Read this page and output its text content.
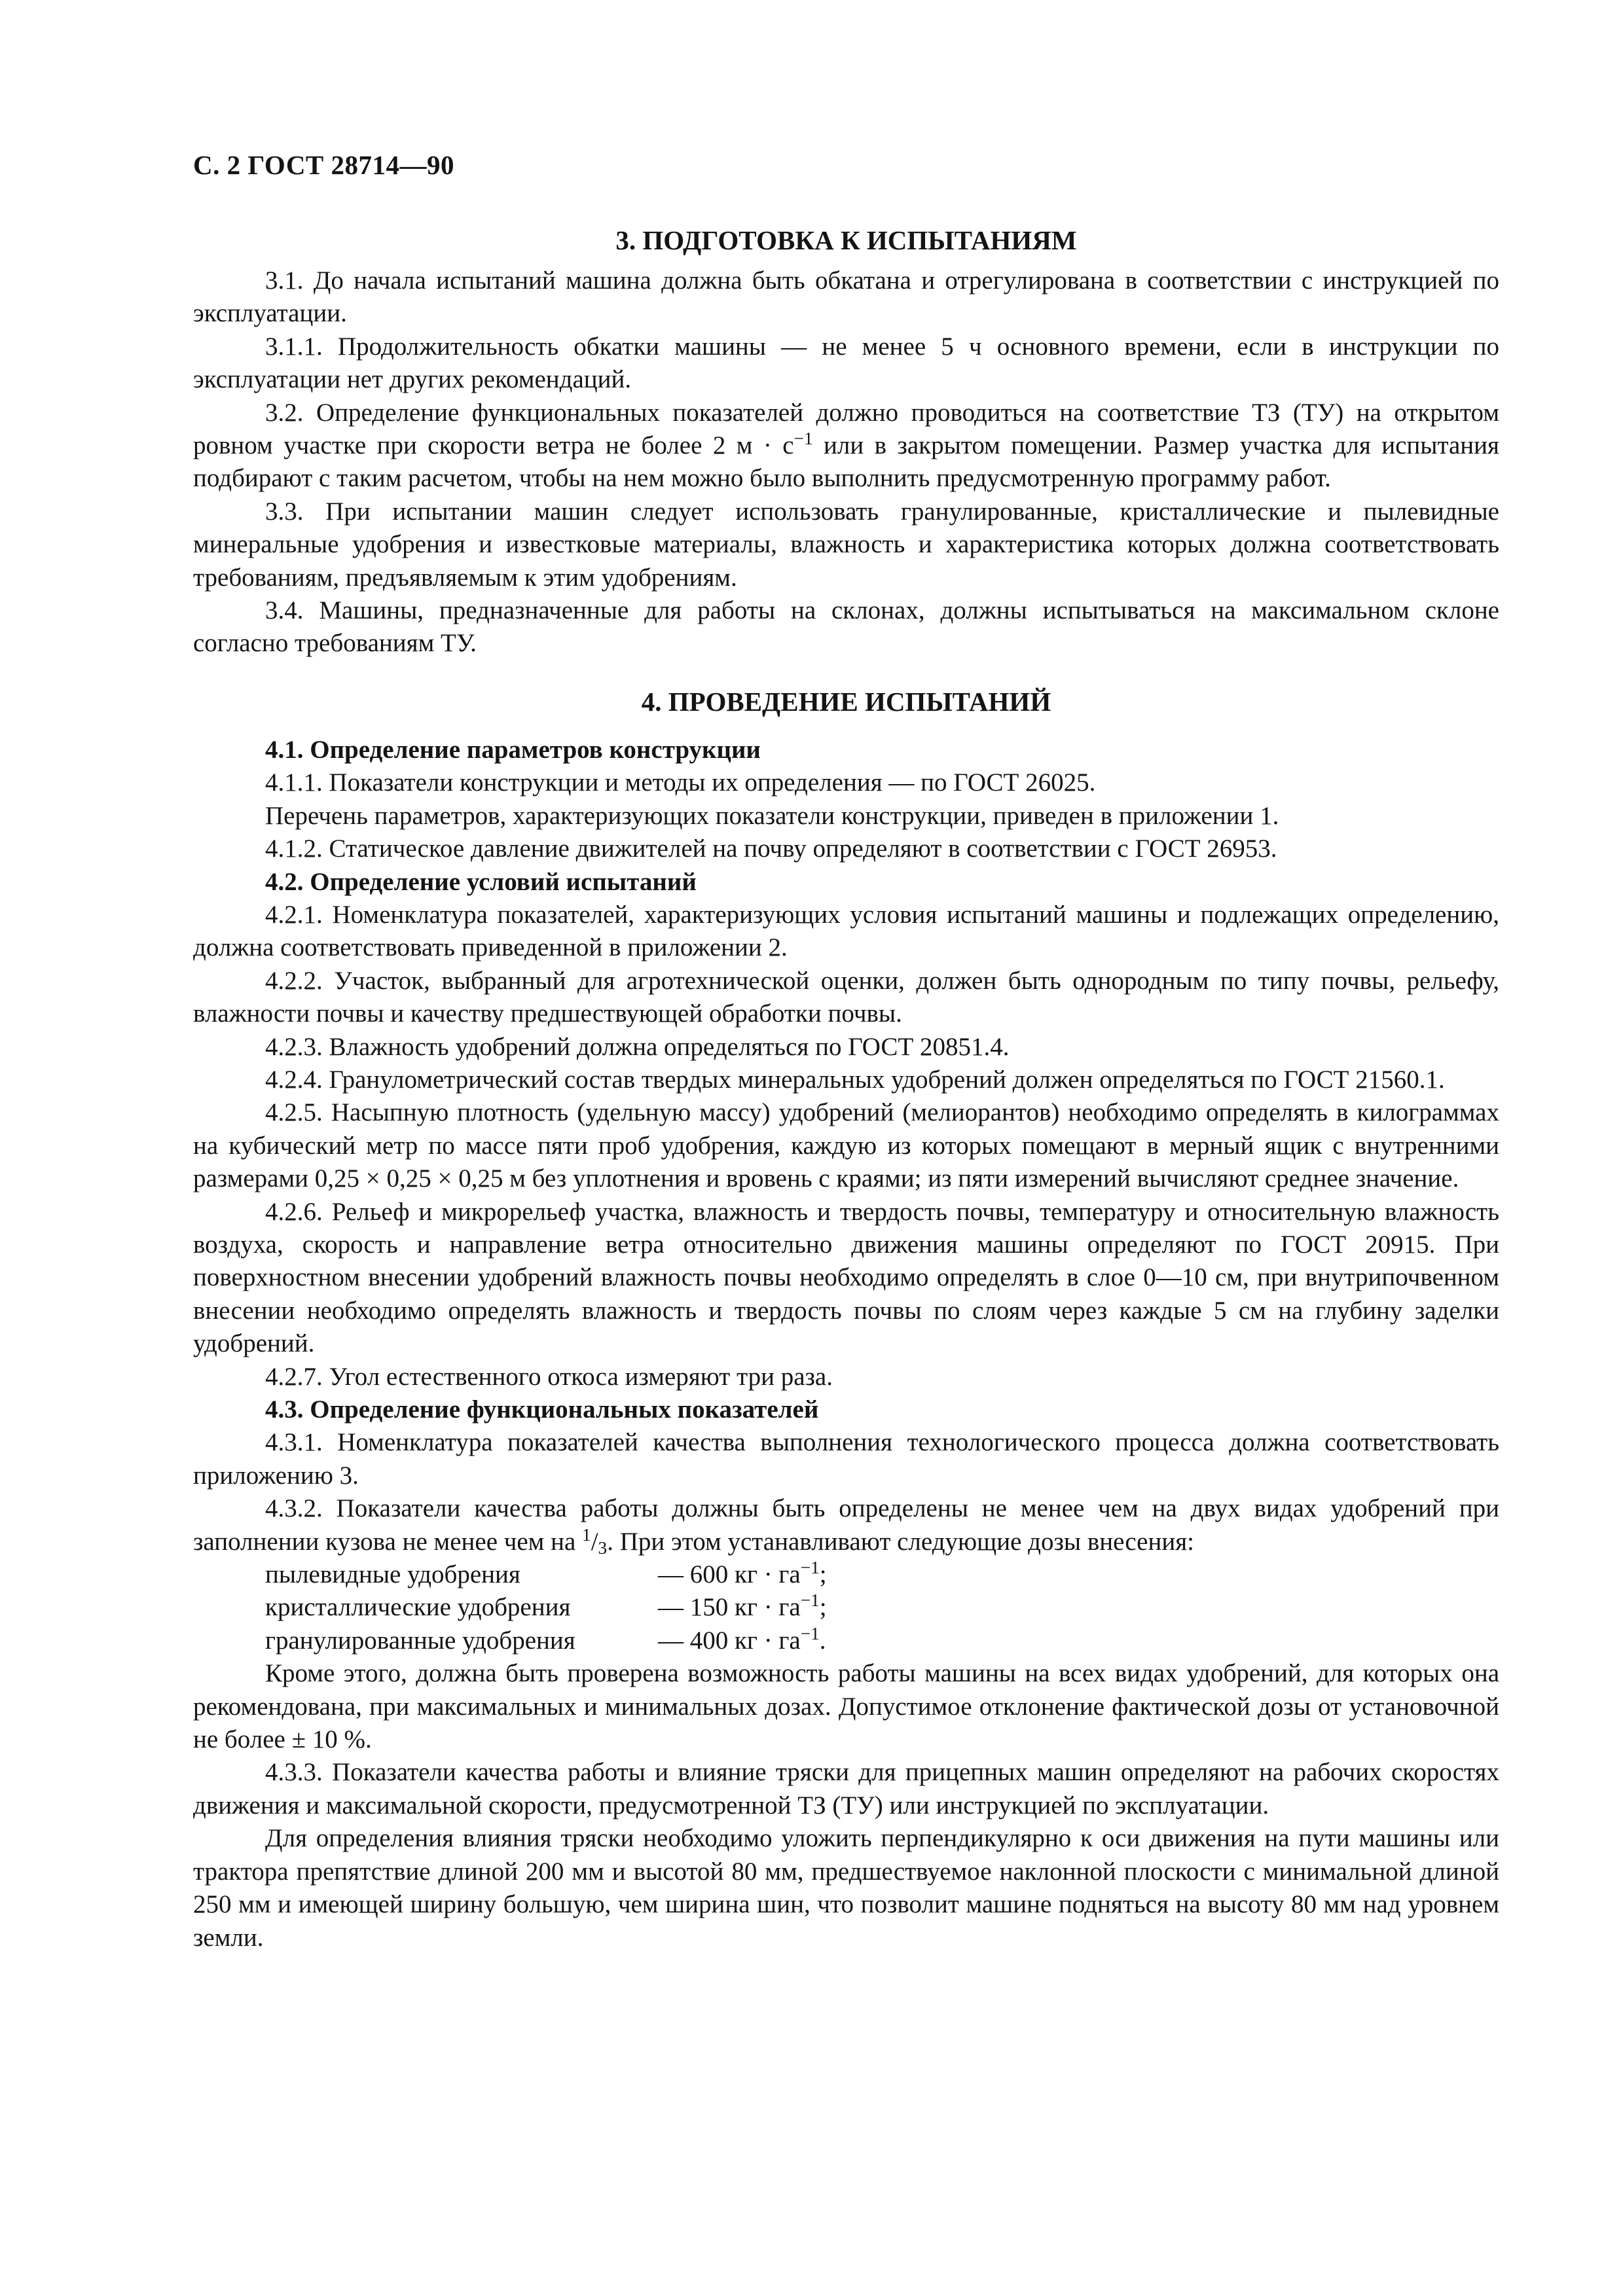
С. 2 ГОСТ 28714—90
3. ПОДГОТОВКА К ИСПЫТАНИЯМ

3.1. До начала испытаний машина должна быть обкатана и отрегулирована в соответствии с инструкцией по эксплуатации.

3.1.1. Продолжительность обкатки машины — не менее 5 ч основного времени, если в инструкции по эксплуатации нет других рекомендаций.

3.2. Определение функциональных показателей должно проводиться на соответствие ТЗ (ТУ) на открытом ровном участке при скорости ветра не более 2 $м \cdot с^{-1}$ или в закрытом помещении. Размер участка для испытания подбирают с таким расчетом, чтобы на нем можно было выполнить предусмотренную программу работ.

3.3. При испытании машин следует использовать гранулированные, кристаллические и пылевидные минеральные удобрения и известковые материалы, влажность и характеристика которых должна соответствовать требованиям, предъявляемым к этим удобрениям.

3.4. Машины, предназначенные для работы на склонах, должны испытываться на максимальном склоне согласно требованиям ТУ.

4. ПРОВЕДЕНИЕ ИСПЫТАНИЙ

4.1. Определение параметров конструкции

4.1.1. Показатели конструкции и методы их определения — по ГОСТ 26025.

Перечень параметров, характеризующих показатели конструкции, приведен в приложении 1.

4.1.2. Статическое давление движителей на почву определяют в соответствии с ГОСТ 26953.

4.2. Определение условий испытаний

4.2.1. Номенклатура показателей, характеризующих условия испытаний машины и подлежащих определению, должна соответствовать приведенной в приложении 2.

4.2.2. Участок, выбранный для агротехнической оценки, должен быть однородным по типу почвы, рельефу, влажности почвы и качеству предшествующей обработки почвы.

4.2.3. Влажность удобрений должна определяться по ГОСТ 20851.4.

4.2.4. Гранулометрический состав твердых минеральных удобрений должен определяться по ГОСТ 21560.1.

4.2.5. Насыпную плотность (удельную массу) удобрений (мелиорантов) необходимо определять в килограммах на кубический метр по массе пяти проб удобрения, каждую из которых помещают в мерный ящик с внутренними размерами 0,25 × 0,25 × 0,25 м без уплотнения и вровень с краями; из пяти измерений вычисляют среднее значение.

4.2.6. Рельеф и микрорельеф участка, влажность и твердость почвы, температуру и относительную влажность воздуха, скорость и направление ветра относительно движения машины определяют по ГОСТ 20915. При поверхностном внесении удобрений влажность почвы необходимо определять в слое 0—10 см, при внутрипочвенном внесении необходимо определять влажность и твердость почвы по слоям через каждые 5 см на глубину заделки удобрений.

4.2.7. Угол естественного откоса измеряют три раза.

4.3. Определение функциональных показателей

4.3.1. Номенклатура показателей качества выполнения технологического процесса должна соответствовать приложению 3.

4.3.2. Показатели качества работы должны быть определены не менее чем на двух видах удобрений при заполнении кузова не менее чем на $^1/_3$. При этом устанавливают следующие дозы внесения:

пылевидные удобрения	— 600 кг · $га^{-1}$;
кристаллические удобрения	— 150 кг · $га^{-1}$;
гранулированные удобрения	— 400 кг · $га^{-1}$.

Кроме этого, должна быть проверена возможность работы машины на всех видах удобрений, для которых она рекомендована, при максимальных и минимальных дозах. Допустимое отклонение фактической дозы от установочной не более ± 10 %.

4.3.3. Показатели качества работы и влияние тряски для прицепных машин определяют на рабочих скоростях движения и максимальной скорости, предусмотренной ТЗ (ТУ) или инструкцией по эксплуатации.

Для определения влияния тряски необходимо уложить перпендикулярно к оси движения на пути машины или трактора препятствие длиной 200 мм и высотой 80 мм, предшествуемое наклонной плоскости с минимальной длиной 250 мм и имеющей ширину большую, чем ширина шин, что позволит машине подняться на высоту 80 мм над уровнем земли.
